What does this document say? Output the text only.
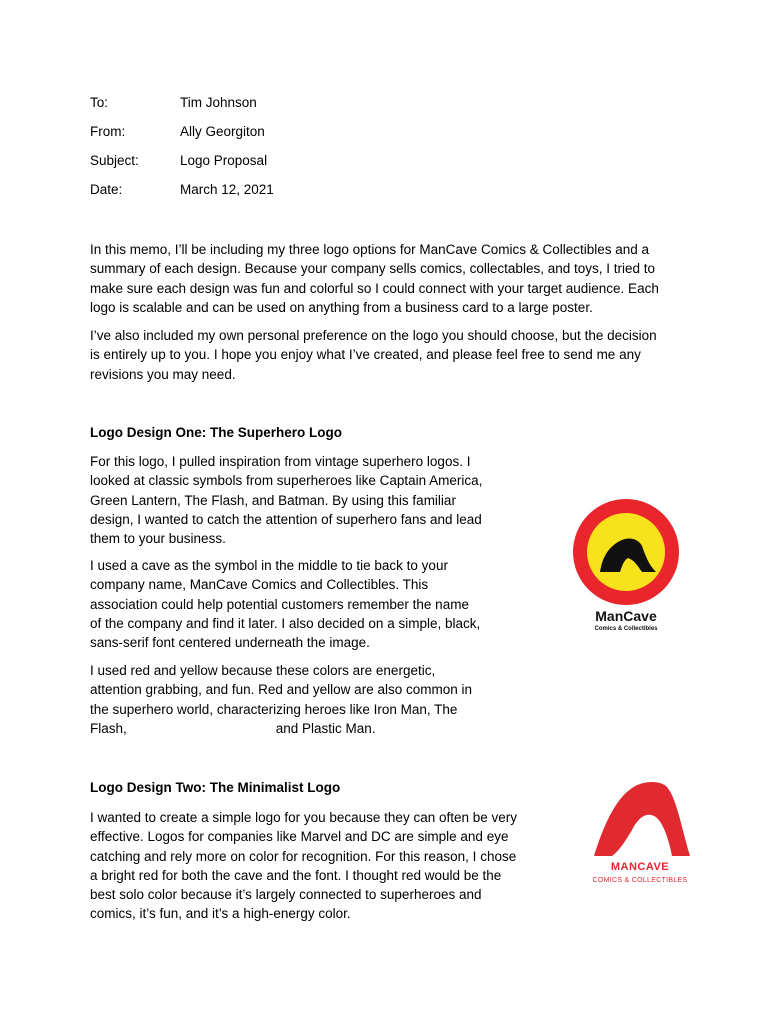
To:	Tim Johnson
From:	Ally Georgiton
Subject:	Logo Proposal
Date:	March 12, 2021

In this memo, I’ll be including my three logo options for ManCave Comics & Collectibles and a
summary of each design. Because your company sells comics, collectables, and toys, I tried to
make sure each design was fun and colorful so I could connect with your target audience. Each
logo is scalable and can be used on anything from a business card to a large poster.

I’ve also included my own personal preference on the logo you should choose, but the decision
is entirely up to you. I hope you enjoy what I’ve created, and please feel free to send me any
revisions you may need.

Logo Design One: The Superhero Logo

For this logo, I pulled inspiration from vintage superhero logos. I
looked at classic symbols from superheroes like Captain America,
Green Lantern, The Flash, and Batman. By using this familiar
design, I wanted to catch the attention of superhero fans and lead
them to your business.

I used a cave as the symbol in the middle to tie back to your
company name, ManCave Comics and Collectibles. This
association could help potential customers remember the name
of the company and find it later. I also decided on a simple, black,
sans-serif font centered underneath the image.

I used red and yellow because these colors are energetic,
attention grabbing, and fun. Red and yellow are also common in
the superhero world, characterizing heroes like Iron Man, The
Flash,	and Plastic Man.

ManCave
Comics & Collectibles
Logo Design Two: The Minimalist Logo

I wanted to create a simple logo for you because they can often be very
effective. Logos for companies like Marvel and DC are simple and eye
catching and rely more on color for recognition. For this reason, I chose
a bright red for both the cave and the font. I thought red would be the
best solo color because it’s largely connected to superheroes and
comics, it’s fun, and it’s a high-energy color.

MANCAVE
COMICS & COLLECTIBLES
